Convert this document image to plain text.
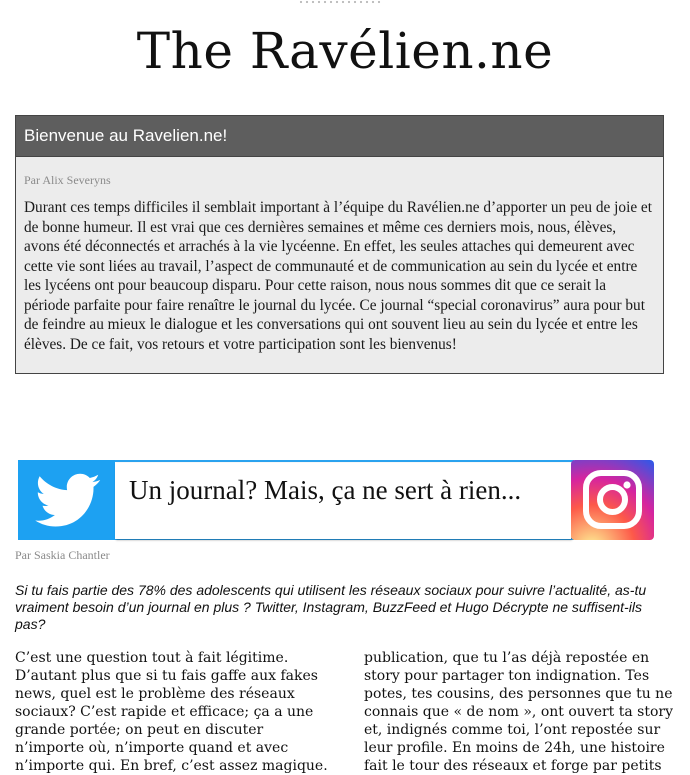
The Ravélien.ne
Bienvenue au Ravelien.ne!
Par Alix Severyns
Durant ces temps difficiles il semblait important à l’équipe du Ravélien.ne d’apporter un peu de joie et de bonne humeur. Il est vrai que ces dernières semaines et même ces derniers mois, nous, élèves, avons été déconnectés et arrachés à la vie lycéenne. En effet, les seules attaches qui demeurent avec cette vie sont liées au travail, l’aspect de communauté et de communication au sein du lycée et entre les lycéens ont pour beaucoup disparu. Pour cette raison, nous nous sommes dit que ce serait la période parfaite pour faire renaître le journal du lycée. Ce journal “special coronavirus” aura pour but de feindre au mieux le dialogue et les conversations qui ont souvent lieu au sein du lycée et entre les élèves. De ce fait, vos retours et votre participation sont les bienvenus!
Un journal? Mais, ça ne sert à rien...
Par Saskia Chantler
Si tu fais partie des 78% des adolescents qui utilisent les réseaux sociaux pour suivre l’actualité, as-tu vraiment besoin d’un journal en plus ? Twitter, Instagram, BuzzFeed et Hugo Décrypte ne suffisent-ils pas?
C’est une question tout à fait légitime.
D’autant plus que si tu fais gaffe aux fakes
news, quel est le problème des réseaux
sociaux? C’est rapide et efficace; ça a une
grande portée; on peut en discuter
n’importe où, n’importe quand et avec
n’importe qui. En bref, c’est assez magique.
publication, que tu l’as déjà repostée en
story pour partager ton indignation. Tes
potes, tes cousins, des personnes que tu ne
connais que « de nom », ont ouvert ta story
et, indignés comme toi, l’ont repostée sur
leur profile. En moins de 24h, une histoire
fait le tour des réseaux et forge par petits
